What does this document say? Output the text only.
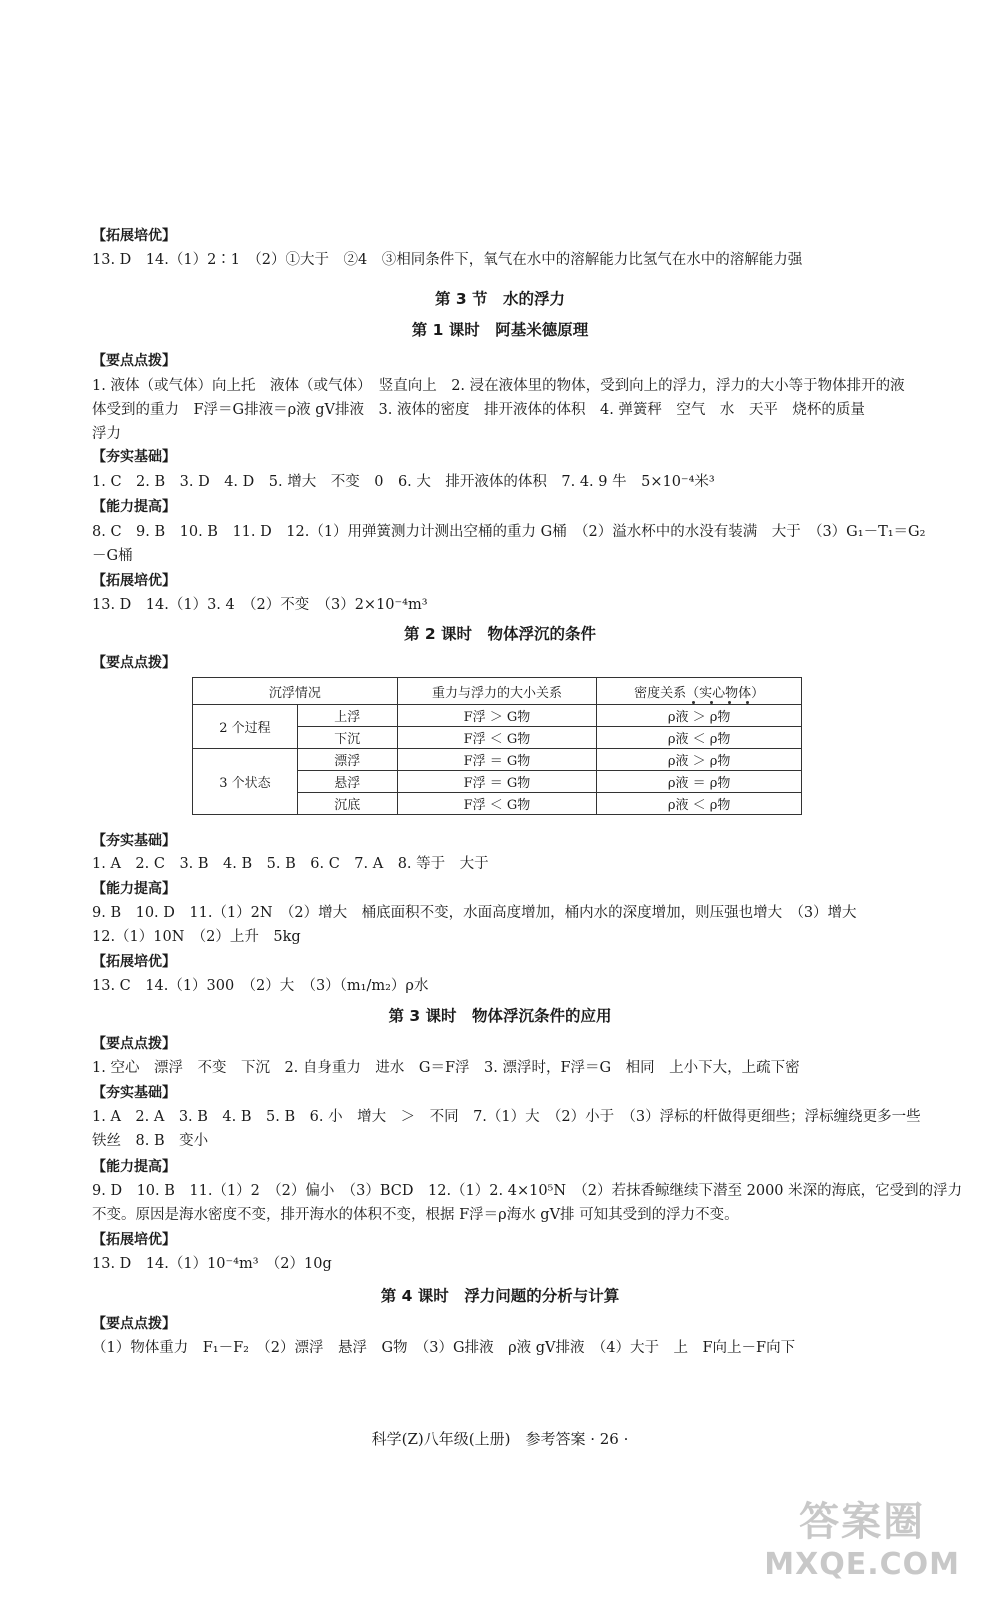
【拓展培优】
13. D　14.（1）2∶1　（2）①大于　②4　③相同条件下，氧气在水中的溶解能力比氢气在水中的溶解能力强
第 3 节　水的浮力
第 1 课时　阿基米德原理
【要点点拨】
1. 液体（或气体）向上托　液体（或气体）　竖直向上　2. 浸在液体里的物体，受到向上的浮力，浮力的大小等于物体排开的液
体受到的重力　F浮＝G排液＝ρ液 gV排液　3. 液体的密度　排开液体的体积　4. 弹簧秤　空气　水　天平　烧杯的质量
浮力
【夯实基础】
1. C　2. B　3. D　4. D　5. 增大　不变　0　6. 大　排开液体的体积　7. 4. 9 牛　5×10⁻⁴米³
【能力提高】
8. C　9. B　10. B　11. D　12.（1）用弹簧测力计测出空桶的重力 G桶　（2）溢水杯中的水没有装满　大于　（3）G₁－T₁＝G₂
－G桶
【拓展培优】
13. D　14.（1）3. 4　（2）不变　（3）2×10⁻⁴m³
第 2 课时　物体浮沉的条件
【要点点拨】
沉浮情况		重力与浮力的大小关系	密度关系（实心物体）
2 个过程	上浮	F浮 ＞ G物	ρ液 ＞ ρ物
	下沉	F浮 ＜ G物	ρ液 ＜ ρ物
3 个状态	漂浮	F浮 ＝ G物	ρ液 ＞ ρ物
	悬浮	F浮 ＝ G物	ρ液 ＝ ρ物
	沉底	F浮 ＜ G物	ρ液 ＜ ρ物
【夯实基础】
1. A　2. C　3. B　4. B　5. B　6. C　7. A　8. 等于　大于
【能力提高】
9. B　10. D　11.（1）2N　（2）增大　桶底面积不变，水面高度增加，桶内水的深度增加，则压强也增大　（3）增大
12.（1）10N　（2）上升　5kg
【拓展培优】
13. C　14.（1）300　（2）大　（3）（m₁/m₂）ρ水
第 3 课时　物体浮沉条件的应用
【要点点拨】
1. 空心　漂浮　不变　下沉　2. 自身重力　进水　G＝F浮　3. 漂浮时，F浮＝G　相同　上小下大，上疏下密
【夯实基础】
1. A　2. A　3. B　4. B　5. B　6. 小　增大　＞　不同　7.（1）大　（2）小于　（3）浮标的杆做得更细些；浮标缠绕更多一些
铁丝　8. B　变小
【能力提高】
9. D　10. B　11.（1）2　（2）偏小　（3）BCD　12.（1）2. 4×10⁵N　（2）若抹香鲸继续下潜至 2000 米深的海底，它受到的浮力
不变。原因是海水密度不变，排开海水的体积不变，根据 F浮＝ρ海水 gV排 可知其受到的浮力不变。
【拓展培优】
13. D　14.（1）10⁻⁴m³　（2）10g
第 4 课时　浮力问题的分析与计算
【要点点拨】
（1）物体重力　F₁－F₂　（2）漂浮　悬浮　G物　（3）G排液　ρ液 gV排液　（4）大于　上　F向上－F向下
科学(Z)八年级(上册)　参考答案 · 26 ·
答案圈
MXQE.COM
